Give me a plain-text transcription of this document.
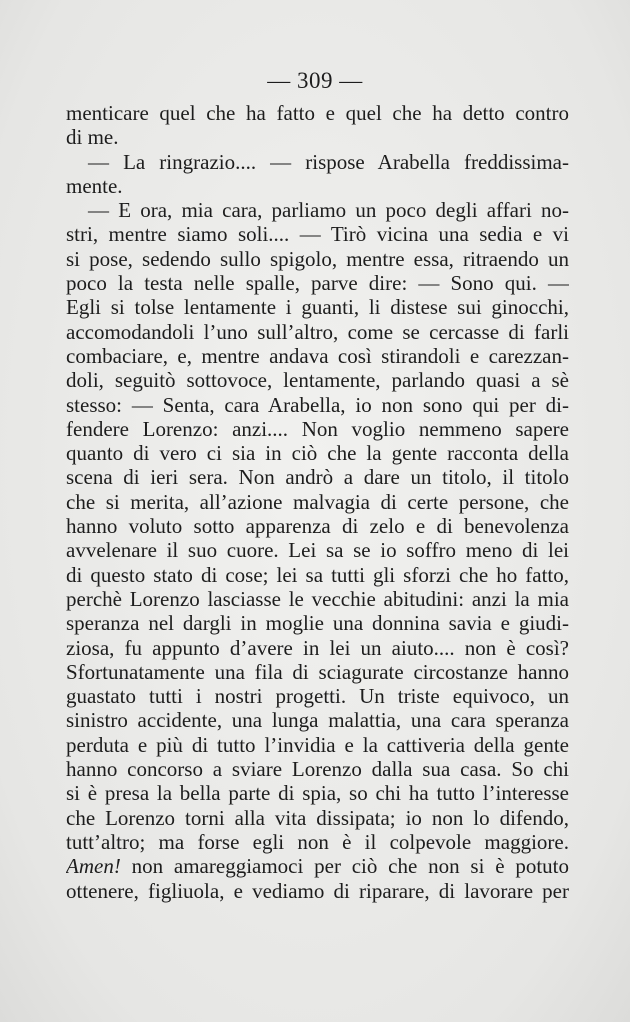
— 309 —
menticare quel che ha fatto e quel che ha detto contro
di me.
— La ringrazio.... — rispose Arabella freddissima-
mente.
— E ora, mia cara, parliamo un poco degli affari no-
stri, mentre siamo soli.... — Tirò vicina una sedia e vi
si pose, sedendo sullo spigolo, mentre essa, ritraendo un
poco la testa nelle spalle, parve dire: — Sono qui. —
Egli si tolse lentamente i guanti, li distese sui ginocchi,
accomodandoli l’uno sull’altro, come se cercasse di farli
combaciare, e, mentre andava così stirandoli e carezzan-
doli, seguitò sottovoce, lentamente, parlando quasi a sè
stesso: — Senta, cara Arabella, io non sono qui per di-
fendere Lorenzo: anzi.... Non voglio nemmeno sapere
quanto di vero ci sia in ciò che la gente racconta della
scena di ieri sera. Non andrò a dare un titolo, il titolo
che si merita, all’azione malvagia di certe persone, che
hanno voluto sotto apparenza di zelo e di benevolenza
avvelenare il suo cuore. Lei sa se io soffro meno di lei
di questo stato di cose; lei sa tutti gli sforzi che ho fatto,
perchè Lorenzo lasciasse le vecchie abitudini: anzi la mia
speranza nel dargli in moglie una donnina savia e giudi-
ziosa, fu appunto d’avere in lei un aiuto.... non è così?
Sfortunatamente una fila di sciagurate circostanze hanno
guastato tutti i nostri progetti. Un triste equivoco, un
sinistro accidente, una lunga malattia, una cara speranza
perduta e più di tutto l’invidia e la cattiveria della gente
hanno concorso a sviare Lorenzo dalla sua casa. So chi
si è presa la bella parte di spia, so chi ha tutto l’interesse
che Lorenzo torni alla vita dissipata; io non lo difendo,
tutt’altro; ma forse egli non è il colpevole maggiore.
Amen! non amareggiamoci per ciò che non si è potuto
ottenere, figliuola, e vediamo di riparare, di lavorare per
